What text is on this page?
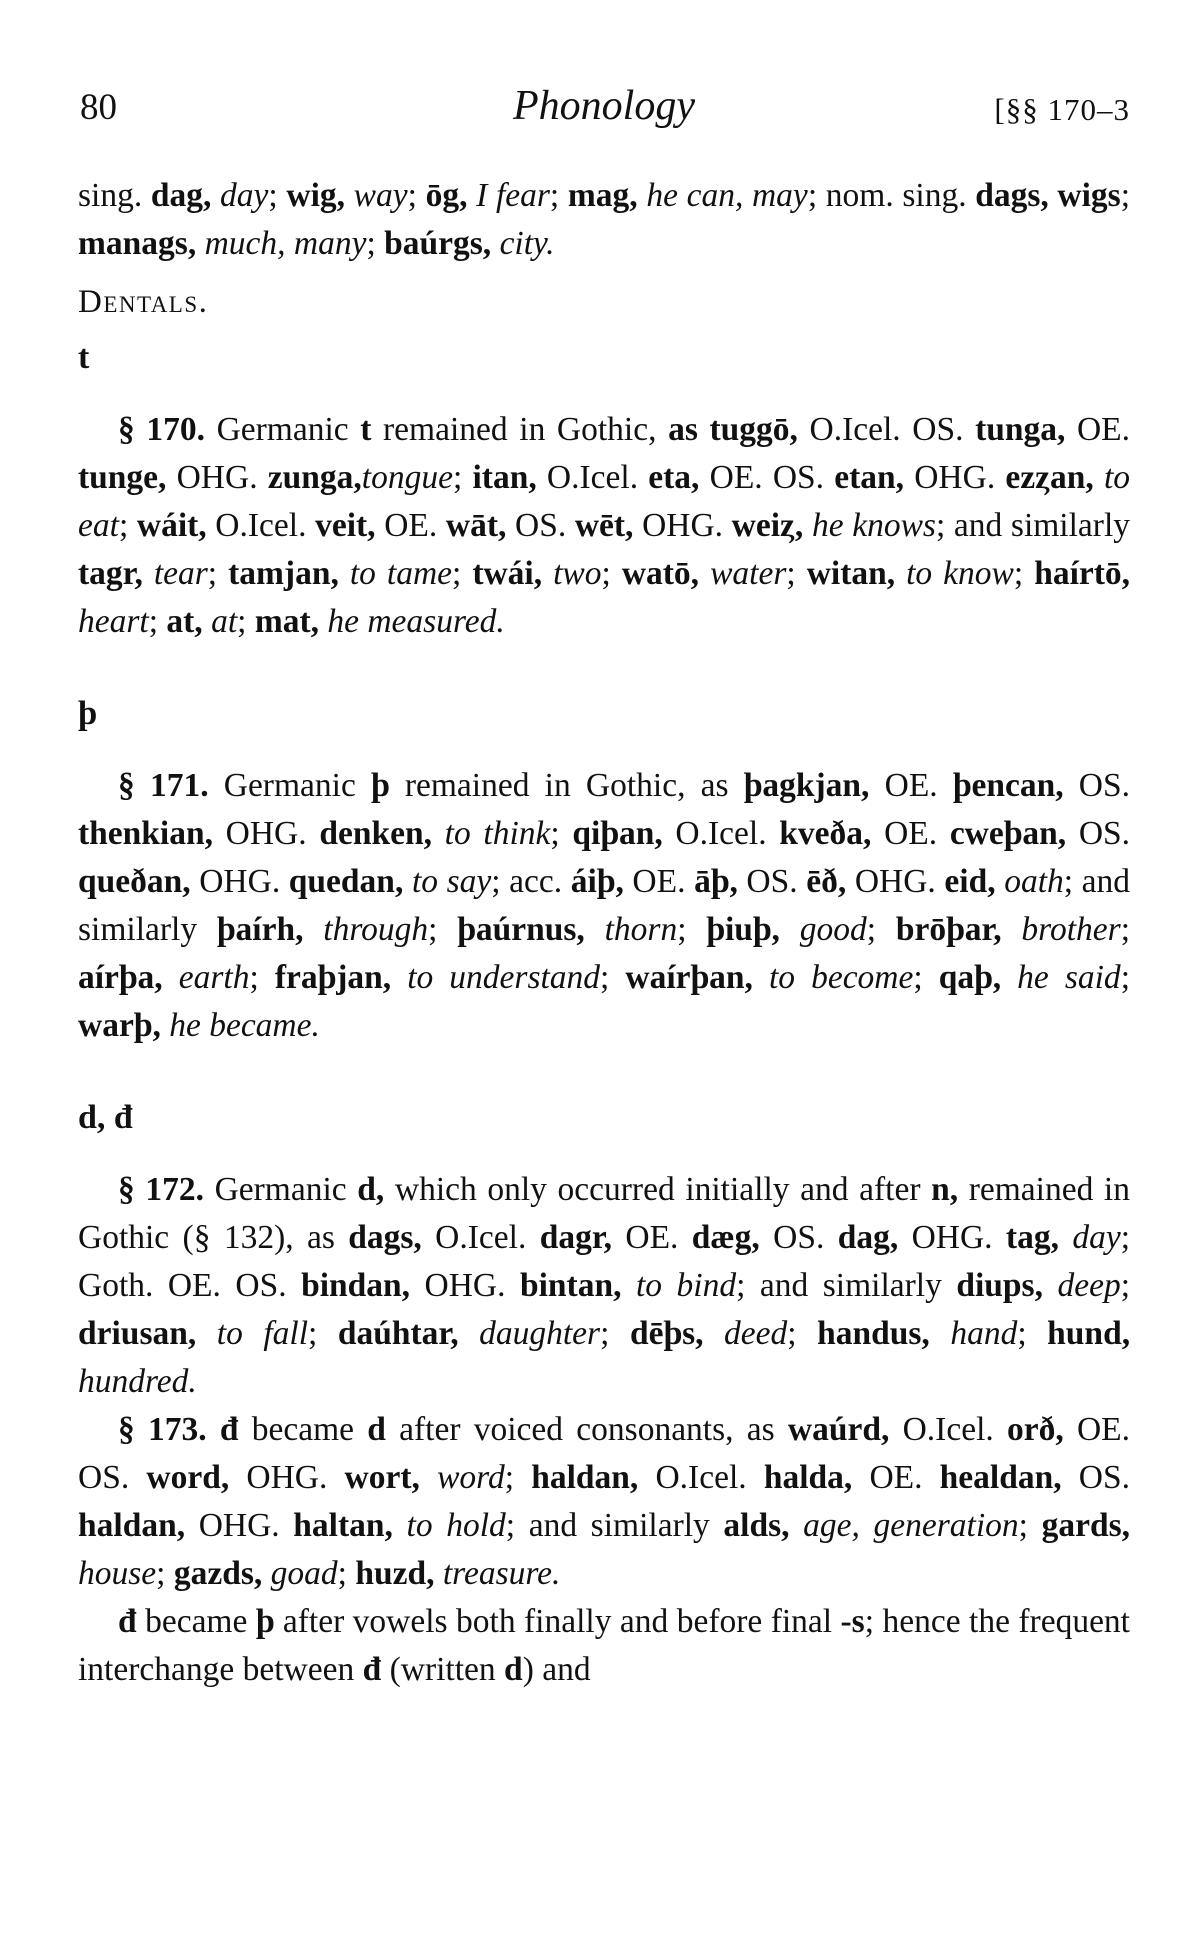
80	Phonology	[§§ 170–3

sing. dag, day; wig, way; ōg, I fear; mag, he can, may; nom. sing. dags, wigs; manags, much, many; baúrgs, city.

Dentals.
t

§ 170. Germanic t remained in Gothic, as tuggō, O.Icel. OS. tunga, OE. tunge, OHG. zunga,tongue; itan, O.Icel. eta, OE. OS. etan, OHG. ezȥan, to eat; wáit, O.Icel. veit, OE. wāt, OS. wēt, OHG. weiȥ, he knows; and similarly tagr, tear; tamjan, to tame; twái, two; watō, water; witan, to know; haírtō, heart; at, at; mat, he measured.

þ

§ 171. Germanic þ remained in Gothic, as þagkjan, OE. þencan, OS. thenkian, OHG. denken, to think; qiþan, O.Icel. kveða, OE. cweþan, OS. queðan, OHG. quedan, to say; acc. áiþ, OE. āþ, OS. ēð, OHG. eid, oath; and similarly þaírh, through; þaúrnus, thorn; þiuþ, good; brōþar, brother; aírþa, earth; fraþjan, to understand; waírþan, to become; qaþ, he said; warþ, he became.

d, đ

§ 172. Germanic d, which only occurred initially and after n, remained in Gothic (§ 132), as dags, O.Icel. dagr, OE. dæg, OS. dag, OHG. tag, day; Goth. OE. OS. bindan, OHG. bintan, to bind; and similarly diups, deep; driusan, to fall; daúhtar, daughter; dēþs, deed; handus, hand; hund, hundred.

§ 173. đ became d after voiced consonants, as waúrd, O.Icel. orð, OE. OS. word, OHG. wort, word; haldan, O.Icel. halda, OE. healdan, OS. haldan, OHG. haltan, to hold; and similarly alds, age, generation; gards, house; gazds, goad; huzd, treasure.

đ became þ after vowels both finally and before final -s; hence the frequent interchange between đ (written d) and
